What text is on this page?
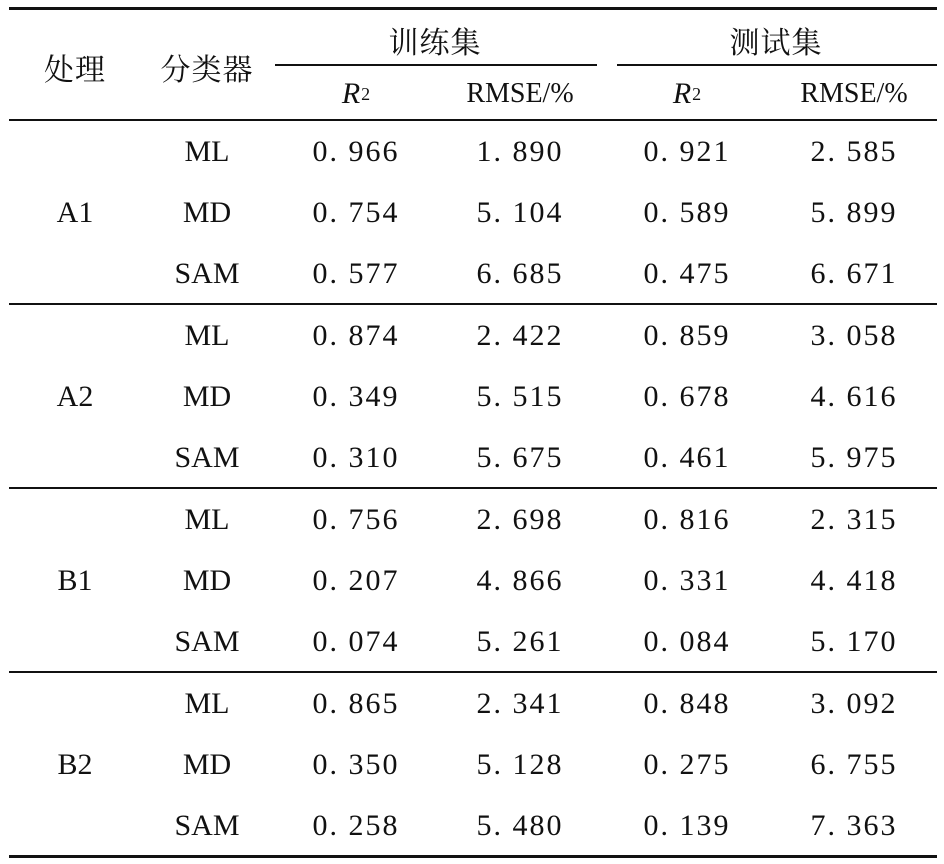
处理	分类器
训练集	测试集
R 2	RMSE/%	R 2	RMSE/%
A1
ML	0. 966	1. 890	0. 921	2. 585
MD	0. 754	5. 104	0. 589	5. 899
SAM	0. 577	6. 685	0. 475	6. 671
A2
ML	0. 874	2. 422	0. 859	3. 058
MD	0. 349	5. 515	0. 678	4. 616
SAM	0. 310	5. 675	0. 461	5. 975
B1
ML	0. 756	2. 698	0. 816	2. 315
MD	0. 207	4. 866	0. 331	4. 418
SAM	0. 074	5. 261	0. 084	5. 170
B2
ML	0. 865	2. 341	0. 848	3. 092
MD	0. 350	5. 128	0. 275	6. 755
SAM	0. 258	5. 480	0. 139	7. 363
